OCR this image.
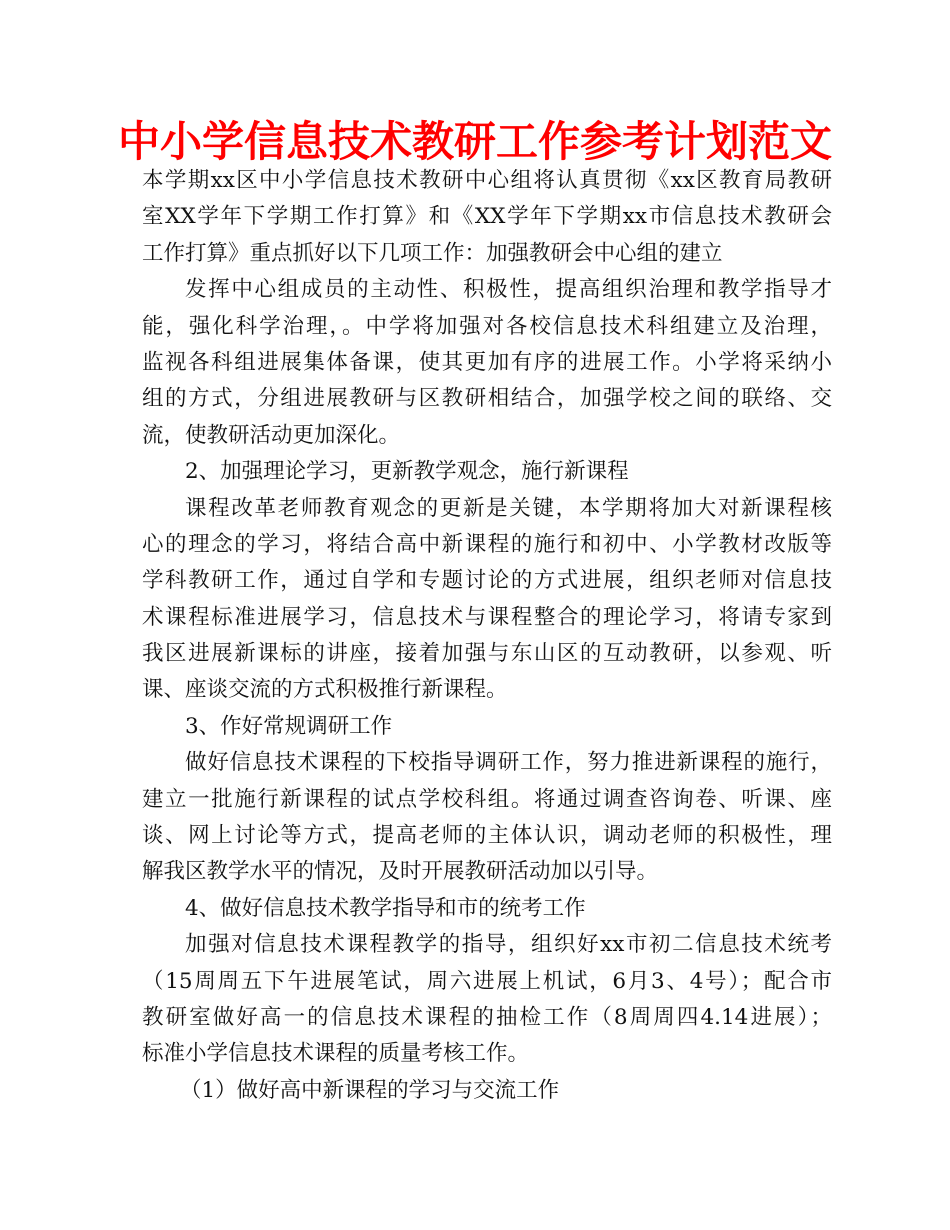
中小学信息技术教研工作参考计划范文
本学期xx区中小学信息技术教研中心组将认真贯彻《xx区教育局教研
室XX学年下学期工作打算》和《XX学年下学期xx市信息技术教研会
工作打算》重点抓好以下几项工作：加强教研会中心组的建立
发挥中心组成员的主动性、积极性，提高组织治理和教学指导才
能，强化科学治理，。中学将加强对各校信息技术科组建立及治理，
监视各科组进展集体备课，使其更加有序的进展工作。小学将采纳小
组的方式，分组进展教研与区教研相结合，加强学校之间的联络、交
流，使教研活动更加深化。
2、加强理论学习，更新教学观念，施行新课程
课程改革老师教育观念的更新是关键，本学期将加大对新课程核
心的理念的学习，将结合高中新课程的施行和初中、小学教材改版等
学科教研工作，通过自学和专题讨论的方式进展，组织老师对信息技
术课程标准进展学习，信息技术与课程整合的理论学习，将请专家到
我区进展新课标的讲座，接着加强与东山区的互动教研，以参观、听
课、座谈交流的方式积极推行新课程。
3、作好常规调研工作
做好信息技术课程的下校指导调研工作，努力推进新课程的施行，
建立一批施行新课程的试点学校科组。将通过调查咨询卷、听课、座
谈、网上讨论等方式，提高老师的主体认识，调动老师的积极性，理
解我区教学水平的情况，及时开展教研活动加以引导。
4、做好信息技术教学指导和市的统考工作
加强对信息技术课程教学的指导，组织好xx市初二信息技术统考
（15周周五下午进展笔试，周六进展上机试，6月3、4号）；配合市
教研室做好高一的信息技术课程的抽检工作（8周周四4.14进展）；
标准小学信息技术课程的质量考核工作。
（1）做好高中新课程的学习与交流工作
